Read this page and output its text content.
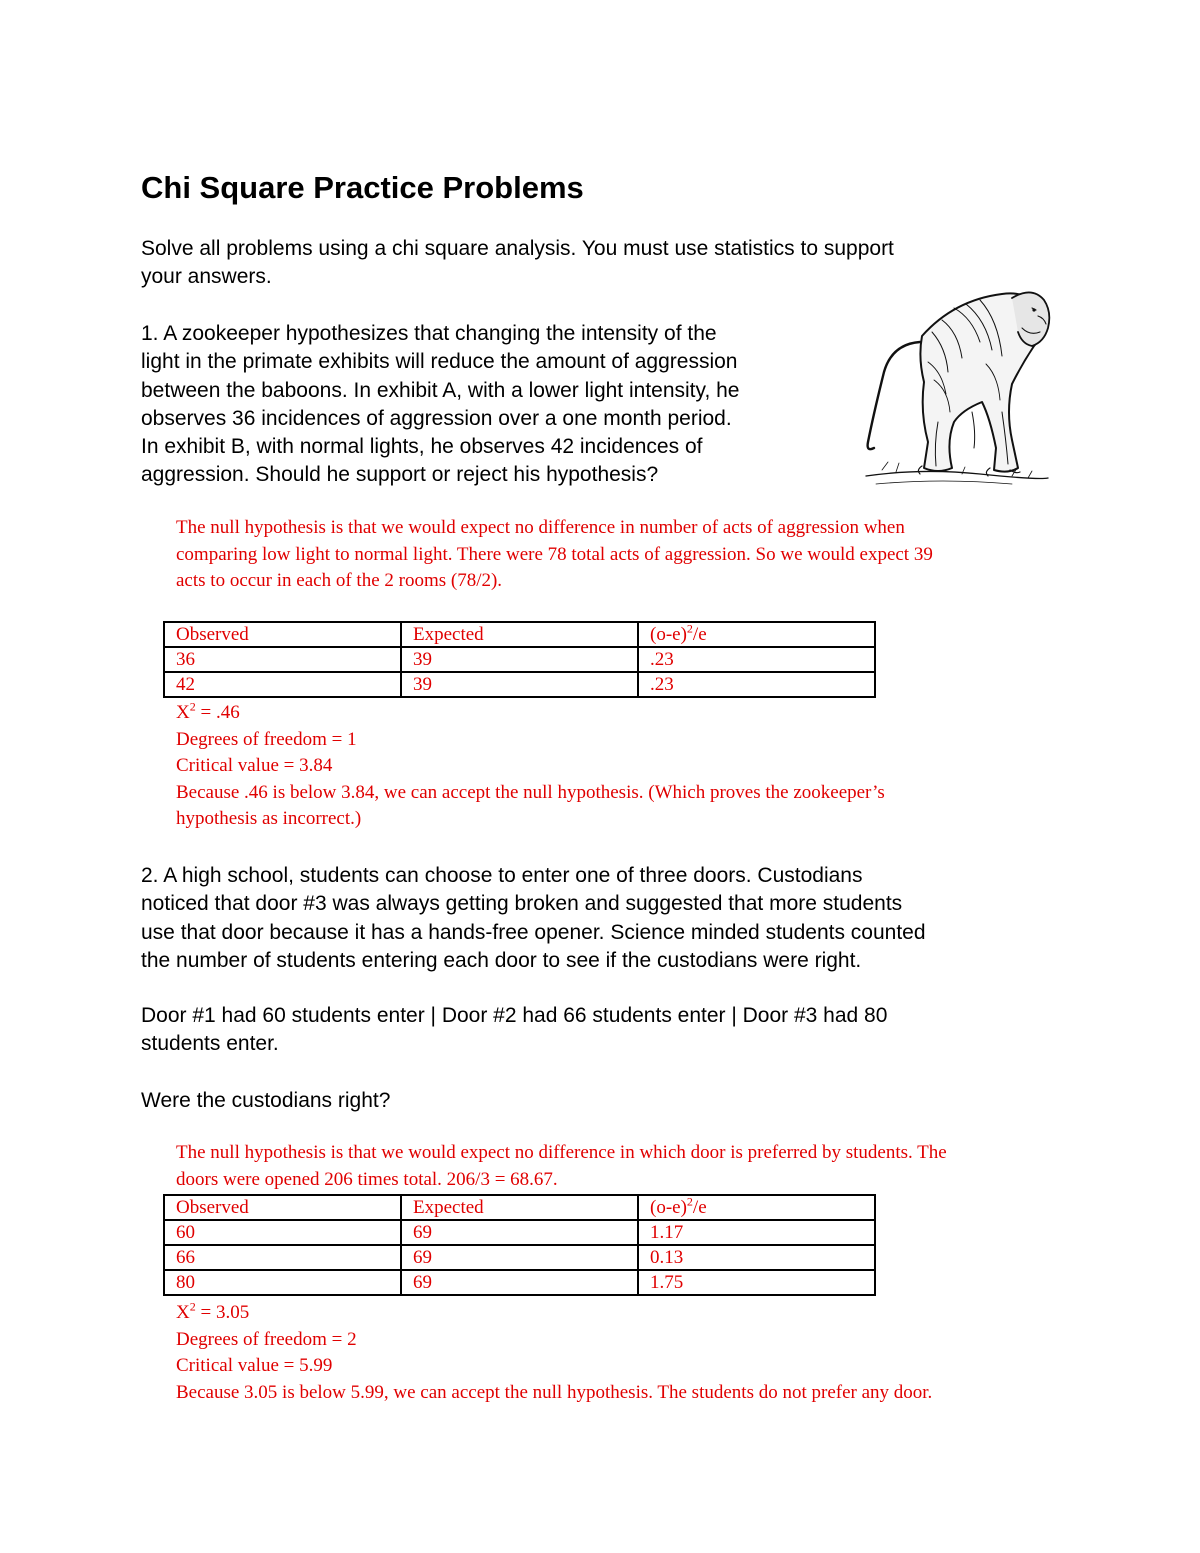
Chi Square Practice Problems

Solve all problems using a chi square analysis. You must use statistics to support
your answers.

1. A zookeeper hypothesizes that changing the intensity of the
light in the primate exhibits will reduce the amount of aggression
between the baboons. In exhibit A, with a lower light intensity, he
observes 36 incidences of aggression over a one month period.
In exhibit B, with normal lights, he observes 42 incidences of
aggression. Should he support or reject his hypothesis?

The null hypothesis is that we would expect no difference in number of acts of aggression when
comparing low light to normal light. There were 78 total acts of aggression. So we would expect 39
acts to occur in each of the 2 rooms (78/2).

Observed	Expected	$(o-e)^2/e$
36	39	.23
42	39	.23

$X^2 = .46$
Degrees of freedom = 1
Critical value = 3.84
Because .46 is below 3.84, we can accept the null hypothesis. (Which proves the zookeeper’s
hypothesis as incorrect.)

2. A high school, students can choose to enter one of three doors. Custodians
noticed that door #3 was always getting broken and suggested that more students
use that door because it has a hands-free opener. Science minded students counted
the number of students entering each door to see if the custodians were right.

Door #1 had 60 students enter | Door #2 had 66 students enter | Door #3 had 80
students enter.

Were the custodians right?

The null hypothesis is that we would expect no difference in which door is preferred by students. The
doors were opened 206 times total. 206/3 = 68.67.

Observed	Expected	$(o-e)^2/e$
60	69	1.17
66	69	0.13
80	69	1.75

$X^2 = 3.05$
Degrees of freedom = 2
Critical value = 5.99
Because 3.05 is below 5.99, we can accept the null hypothesis. The students do not prefer any door.
